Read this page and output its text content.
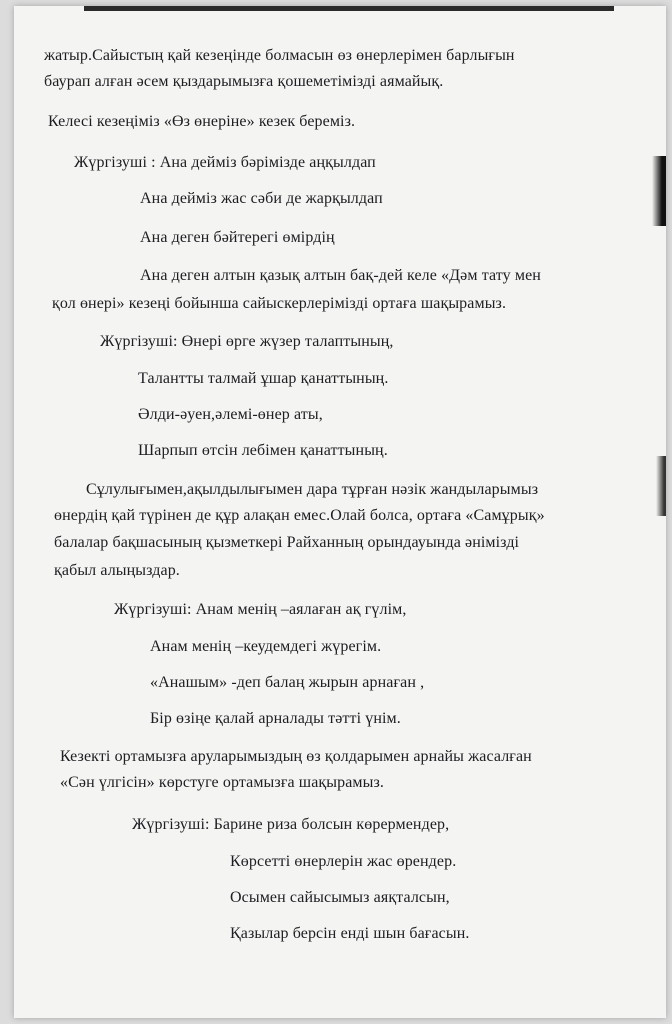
жатыр.Сайыстың қай кезеңінде болмасын өз өнерлерімен барлығын
баурап алған әсем қыздарымызға қошеметімізді аямайық.
Келесі кезеңіміз «Өз өнеріне» кезек береміз.
Жүргізуші : Ана дейміз бәрімізде аңқылдап
Ана дейміз жас сәби де жарқылдап
Ана деген бәйтерегі өмірдің
Ана деген алтын қазық алтын бақ-дей келе «Дәм тату мен
қол өнері» кезеңі бойынша сайыскерлерімізді ортаға шақырамыз.
Жүргізуші: Өнері өрге жүзер талаптының,
Талантты талмай ұшар қанаттының.
Әлди-әуен,әлемі-өнер аты,
Шарпып өтсін лебімен қанаттының.
Сұлулығымен,ақылдылығымен дара тұрған нәзік жандыларымыз
өнердің қай түрінен де құр алақан емес.Олай болса, ортаға «Самұрық»
балалар бақшасының қызметкері Райханның орындауында әнімізді
қабыл алыңыздар.
Жүргізуші: Анам менің –аялаған ақ гүлім,
Анам менің –кеудемдегі жүрегім.
«Анашым» -деп балаң жырын арнаған ,
Бір өзіңе қалай арналады тәтті үнім.
Кезекті ортамызға аруларымыздың өз қолдарымен арнайы жасалған
«Сән үлгісін» көрстуге ортамызға шақырамыз.
Жүргізуші: Барине риза болсын көрермендер,
Көрсетті өнерлерін жас өрендер.
Осымен сайысымыз аяқталсын,
Қазылар берсін енді шын бағасын.
